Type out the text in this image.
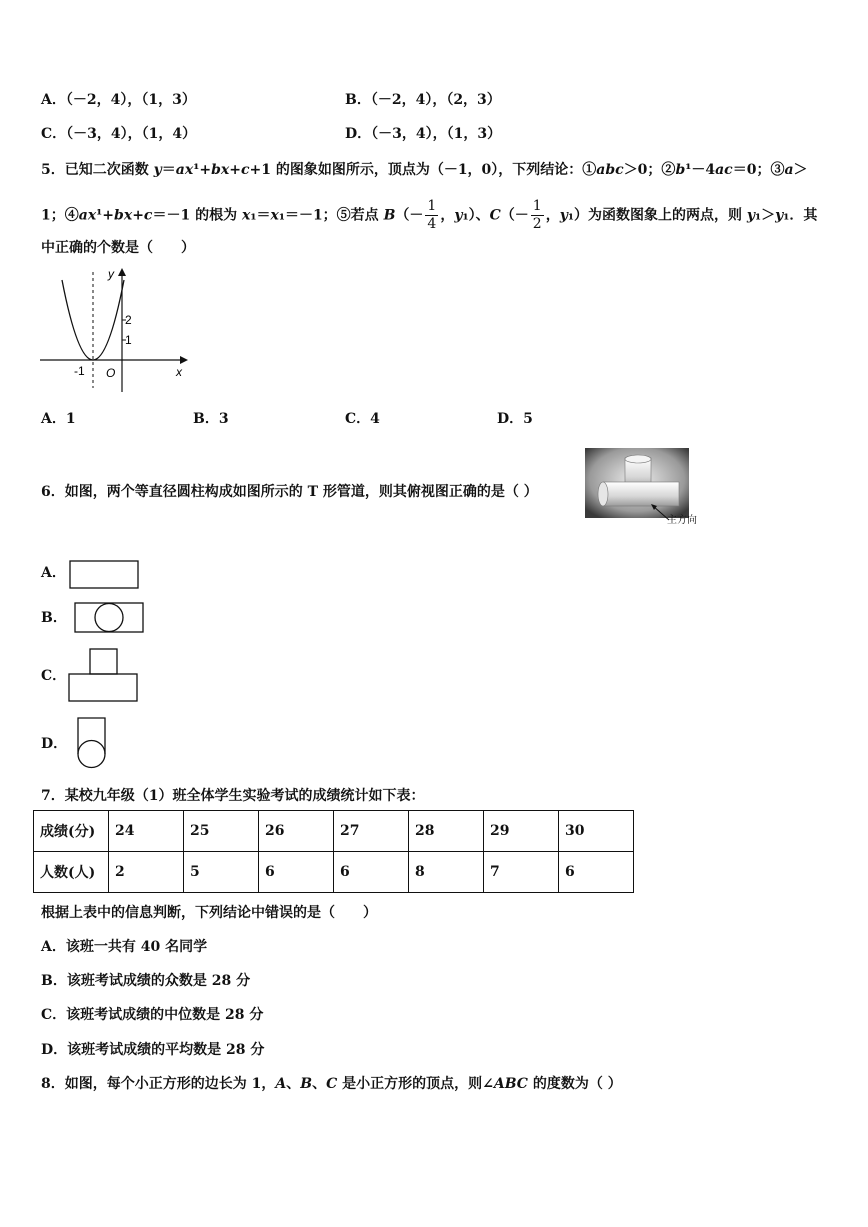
A．（－2，4），（1，3）	B．（－2，4），（2，3）
C．（－3，4），（1，4）	D．（－3，4），（1，3）
5．已知二次函数 y＝ax¹+bx+c+1 的图象如图所示，顶点为（－1，0），下列结论：①abc＞0；②b¹－4ac＝0；③a＞
1；④ax¹+bx+c＝－1 的根为 x₁＝x₁＝－1；⑤若点 $B(- \frac{1}{4}$ ，y₁）、$C(- \frac{1}{2}$ ，y₁）为函数图象上的两点，则 y₁＞y₁．其
中正确的个数是（　　）
y
2
1
-1 O	x
A．1	B．3	C．4	D．5
6．如图，两个等直径圆柱构成如图所示的 T 形管道，则其俯视图正确的是（ ）
主方向
A．
B．
C．
D．
7．某校九年级（1）班全体学生实验考试的成绩统计如下表：
成绩(分)	24	25	26	27	28	29	30
人数(人)	2	5	6	6	8	7	6
根据上表中的信息判断，下列结论中错误的是（　　）
A．该班一共有 40 名同学
B．该班考试成绩的众数是 28 分
C．该班考试成绩的中位数是 28 分
D．该班考试成绩的平均数是 28 分
8．如图，每个小正方形的边长为 1，A、B、C 是小正方形的顶点，则∠ABC 的度数为（ ）
